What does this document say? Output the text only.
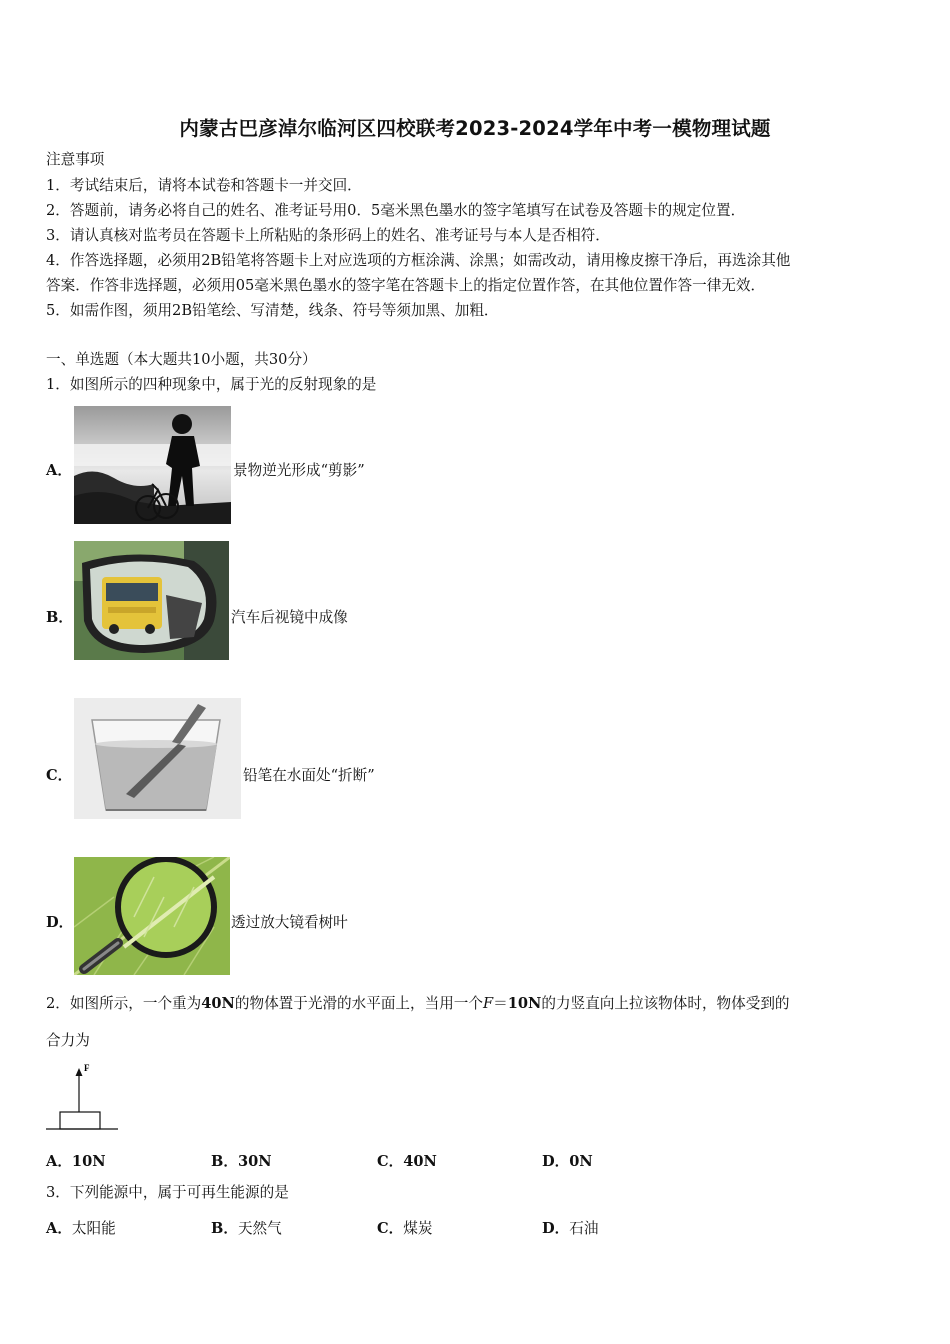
内蒙古巴彦淖尔临河区四校联考2023-2024学年中考一模物理试题
注意事项
1．考试结束后，请将本试卷和答题卡一并交回．
2．答题前，请务必将自己的姓名、准考证号用0．5毫米黑色墨水的签字笔填写在试卷及答题卡的规定位置．
3．请认真核对监考员在答题卡上所粘贴的条形码上的姓名、准考证号与本人是否相符．
4．作答选择题，必须用2B铅笔将答题卡上对应选项的方框涂满、涂黑；如需改动，请用橡皮擦干净后，再选涂其他
答案．作答非选择题，必须用05毫米黑色墨水的签字笔在答题卡上的指定位置作答，在其他位置作答一律无效．
5．如需作图，须用2B铅笔绘、写清楚，线条、符号等须加黑、加粗．
一、单选题（本大题共10小题，共30分）
1．如图所示的四种现象中，属于光的反射现象的是
A．	景物逆光形成“剪影”
B．	汽车后视镜中成像
C．	铅笔在水面处“折断”
D．	透过放大镜看树叶
2．如图所示，一个重为40N的物体置于光滑的水平面上，当用一个F＝10N的力竖直向上拉该物体时，物体受到的
合力为
F
A．10N	B．30N	C．40N	D．0N
3．下列能源中，属于可再生能源的是
A．太阳能	B．天然气	C．煤炭	D．石油
